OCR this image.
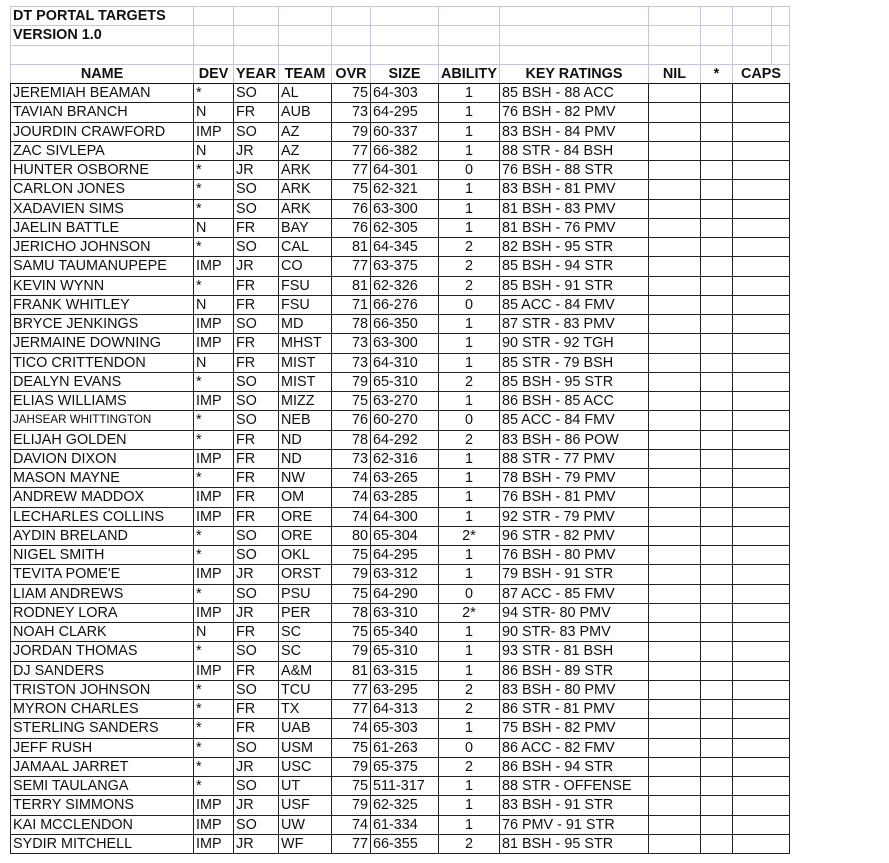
DT PORTAL TARGETS										
VERSION 1.0										

NAME	DEV	YEAR	TEAM	OVR	SIZE	ABILITY	KEY RATINGS	NIL	*	CAPS
JEREMIAH BEAMAN	*	SO	AL	75	64-303	1	85 BSH - 88 ACC			
TAVIAN BRANCH	N	FR	AUB	73	64-295	1	76 BSH - 82 PMV			
JOURDIN CRAWFORD	IMP	SO	AZ	79	60-337	1	83 BSH - 84 PMV			
ZAC SIVLEPA	N	JR	AZ	77	66-382	1	88 STR - 84 BSH			
HUNTER OSBORNE	*	JR	ARK	77	64-301	0	76 BSH - 88 STR			
CARLON JONES	*	SO	ARK	75	62-321	1	83 BSH - 81 PMV			
XADAVIEN SIMS	*	SO	ARK	76	63-300	1	81 BSH - 83 PMV			
JAELIN BATTLE	N	FR	BAY	76	62-305	1	81 BSH - 76 PMV			
JERICHO JOHNSON	*	SO	CAL	81	64-345	2	82 BSH - 95 STR			
SAMU TAUMANUPEPE	IMP	JR	CO	77	63-375	2	85 BSH - 94 STR			
KEVIN WYNN	*	FR	FSU	81	62-326	2	85 BSH - 91 STR			
FRANK WHITLEY	N	FR	FSU	71	66-276	0	85 ACC - 84 FMV			
BRYCE JENKINGS	IMP	SO	MD	78	66-350	1	87 STR - 83 PMV			
JERMAINE DOWNING	IMP	FR	MHST	73	63-300	1	90 STR - 92 TGH			
TICO CRITTENDON	N	FR	MIST	73	64-310	1	85 STR - 79 BSH			
DEALYN EVANS	*	SO	MIST	79	65-310	2	85 BSH - 95 STR			
ELIAS WILLIAMS	IMP	SO	MIZZ	75	63-270	1	86 BSH - 85 ACC			
JAHSEAR WHITTINGTON	*	SO	NEB	76	60-270	0	85 ACC - 84 FMV			
ELIJAH GOLDEN	*	FR	ND	78	64-292	2	83 BSH - 86 POW			
DAVION DIXON	IMP	FR	ND	73	62-316	1	88 STR - 77 PMV			
MASON MAYNE	*	FR	NW	74	63-265	1	78 BSH - 79 PMV			
ANDREW MADDOX	IMP	FR	OM	74	63-285	1	76 BSH - 81 PMV			
LECHARLES COLLINS	IMP	FR	ORE	74	64-300	1	92 STR - 79 PMV			
AYDIN BRELAND	*	SO	ORE	80	65-304	2*	96 STR - 82 PMV			
NIGEL SMITH	*	SO	OKL	75	64-295	1	76 BSH - 80 PMV			
TEVITA POME'E	IMP	JR	ORST	79	63-312	1	79 BSH - 91 STR			
LIAM ANDREWS	*	SO	PSU	75	64-290	0	87 ACC - 85 FMV			
RODNEY LORA	IMP	JR	PER	78	63-310	2*	94 STR- 80 PMV			
NOAH CLARK	N	FR	SC	75	65-340	1	90 STR- 83 PMV			
JORDAN THOMAS	*	SO	SC	79	65-310	1	93 STR - 81 BSH			
DJ SANDERS	IMP	FR	A&M	81	63-315	1	86 BSH - 89 STR			
TRISTON JOHNSON	*	SO	TCU	77	63-295	2	83 BSH - 80 PMV			
MYRON CHARLES	*	FR	TX	77	64-313	2	86 STR - 81 PMV			
STERLING SANDERS	*	FR	UAB	74	65-303	1	75 BSH - 82 PMV			
JEFF RUSH	*	SO	USM	75	61-263	0	86 ACC - 82 FMV			
JAMAAL JARRET	*	JR	USC	79	65-375	2	86 BSH - 94 STR			
SEMI TAULANGA	*	SO	UT	75	511-317	1	88 STR - OFFENSE			
TERRY SIMMONS	IMP	JR	USF	79	62-325	1	83 BSH - 91 STR			
KAI MCCLENDON	IMP	SO	UW	74	61-334	1	76 PMV - 91 STR			
SYDIR MITCHELL	IMP	JR	WF	77	66-355	2	81 BSH - 95 STR			
